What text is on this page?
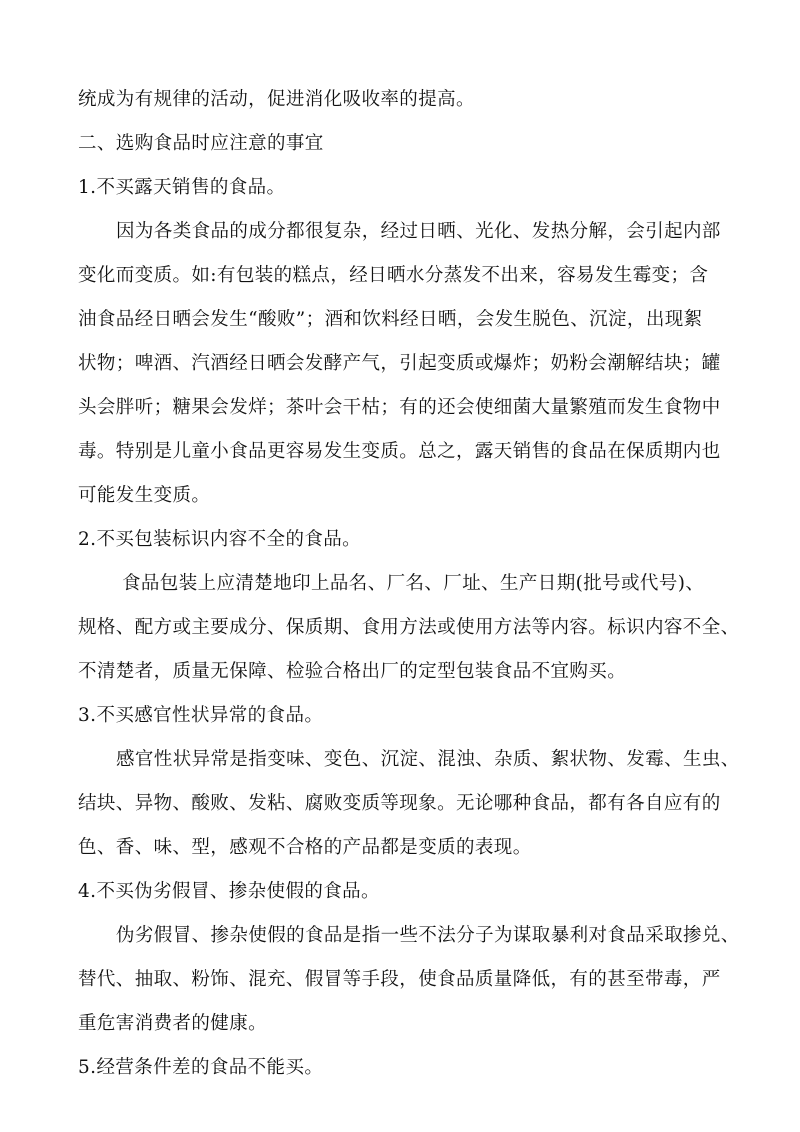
统成为有规律的活动，促进消化吸收率的提高。
二、选购食品时应注意的事宜
1.不买露天销售的食品。
因为各类食品的成分都很复杂，经过日晒、光化、发热分解，会引起内部
变化而变质。如:有包装的糕点，经日晒水分蒸发不出来，容易发生霉变；含
油食品经日晒会发生“酸败”；酒和饮料经日晒，会发生脱色、沉淀，出现絮
状物；啤酒、汽酒经日晒会发酵产气，引起变质或爆炸；奶粉会潮解结块；罐
头会胖听；糖果会发烊；茶叶会干枯；有的还会使细菌大量繁殖而发生食物中
毒。特别是儿童小食品更容易发生变质。总之，露天销售的食品在保质期内也
可能发生变质。
2.不买包装标识内容不全的食品。
食品包装上应清楚地印上品名、厂名、厂址、生产日期(批号或代号)、
规格、配方或主要成分、保质期、食用方法或使用方法等内容。标识内容不全、
不清楚者，质量无保障、检验合格出厂的定型包装食品不宜购买。
3.不买感官性状异常的食品。
感官性状异常是指变味、变色、沉淀、混浊、杂质、絮状物、发霉、生虫、
结块、异物、酸败、发粘、腐败变质等现象。无论哪种食品，都有各自应有的
色、香、味、型，感观不合格的产品都是变质的表现。
4.不买伪劣假冒、掺杂使假的食品。
伪劣假冒、掺杂使假的食品是指一些不法分子为谋取暴利对食品采取掺兑、
替代、抽取、粉饰、混充、假冒等手段，使食品质量降低，有的甚至带毒，严
重危害消费者的健康。
5.经营条件差的食品不能买。
